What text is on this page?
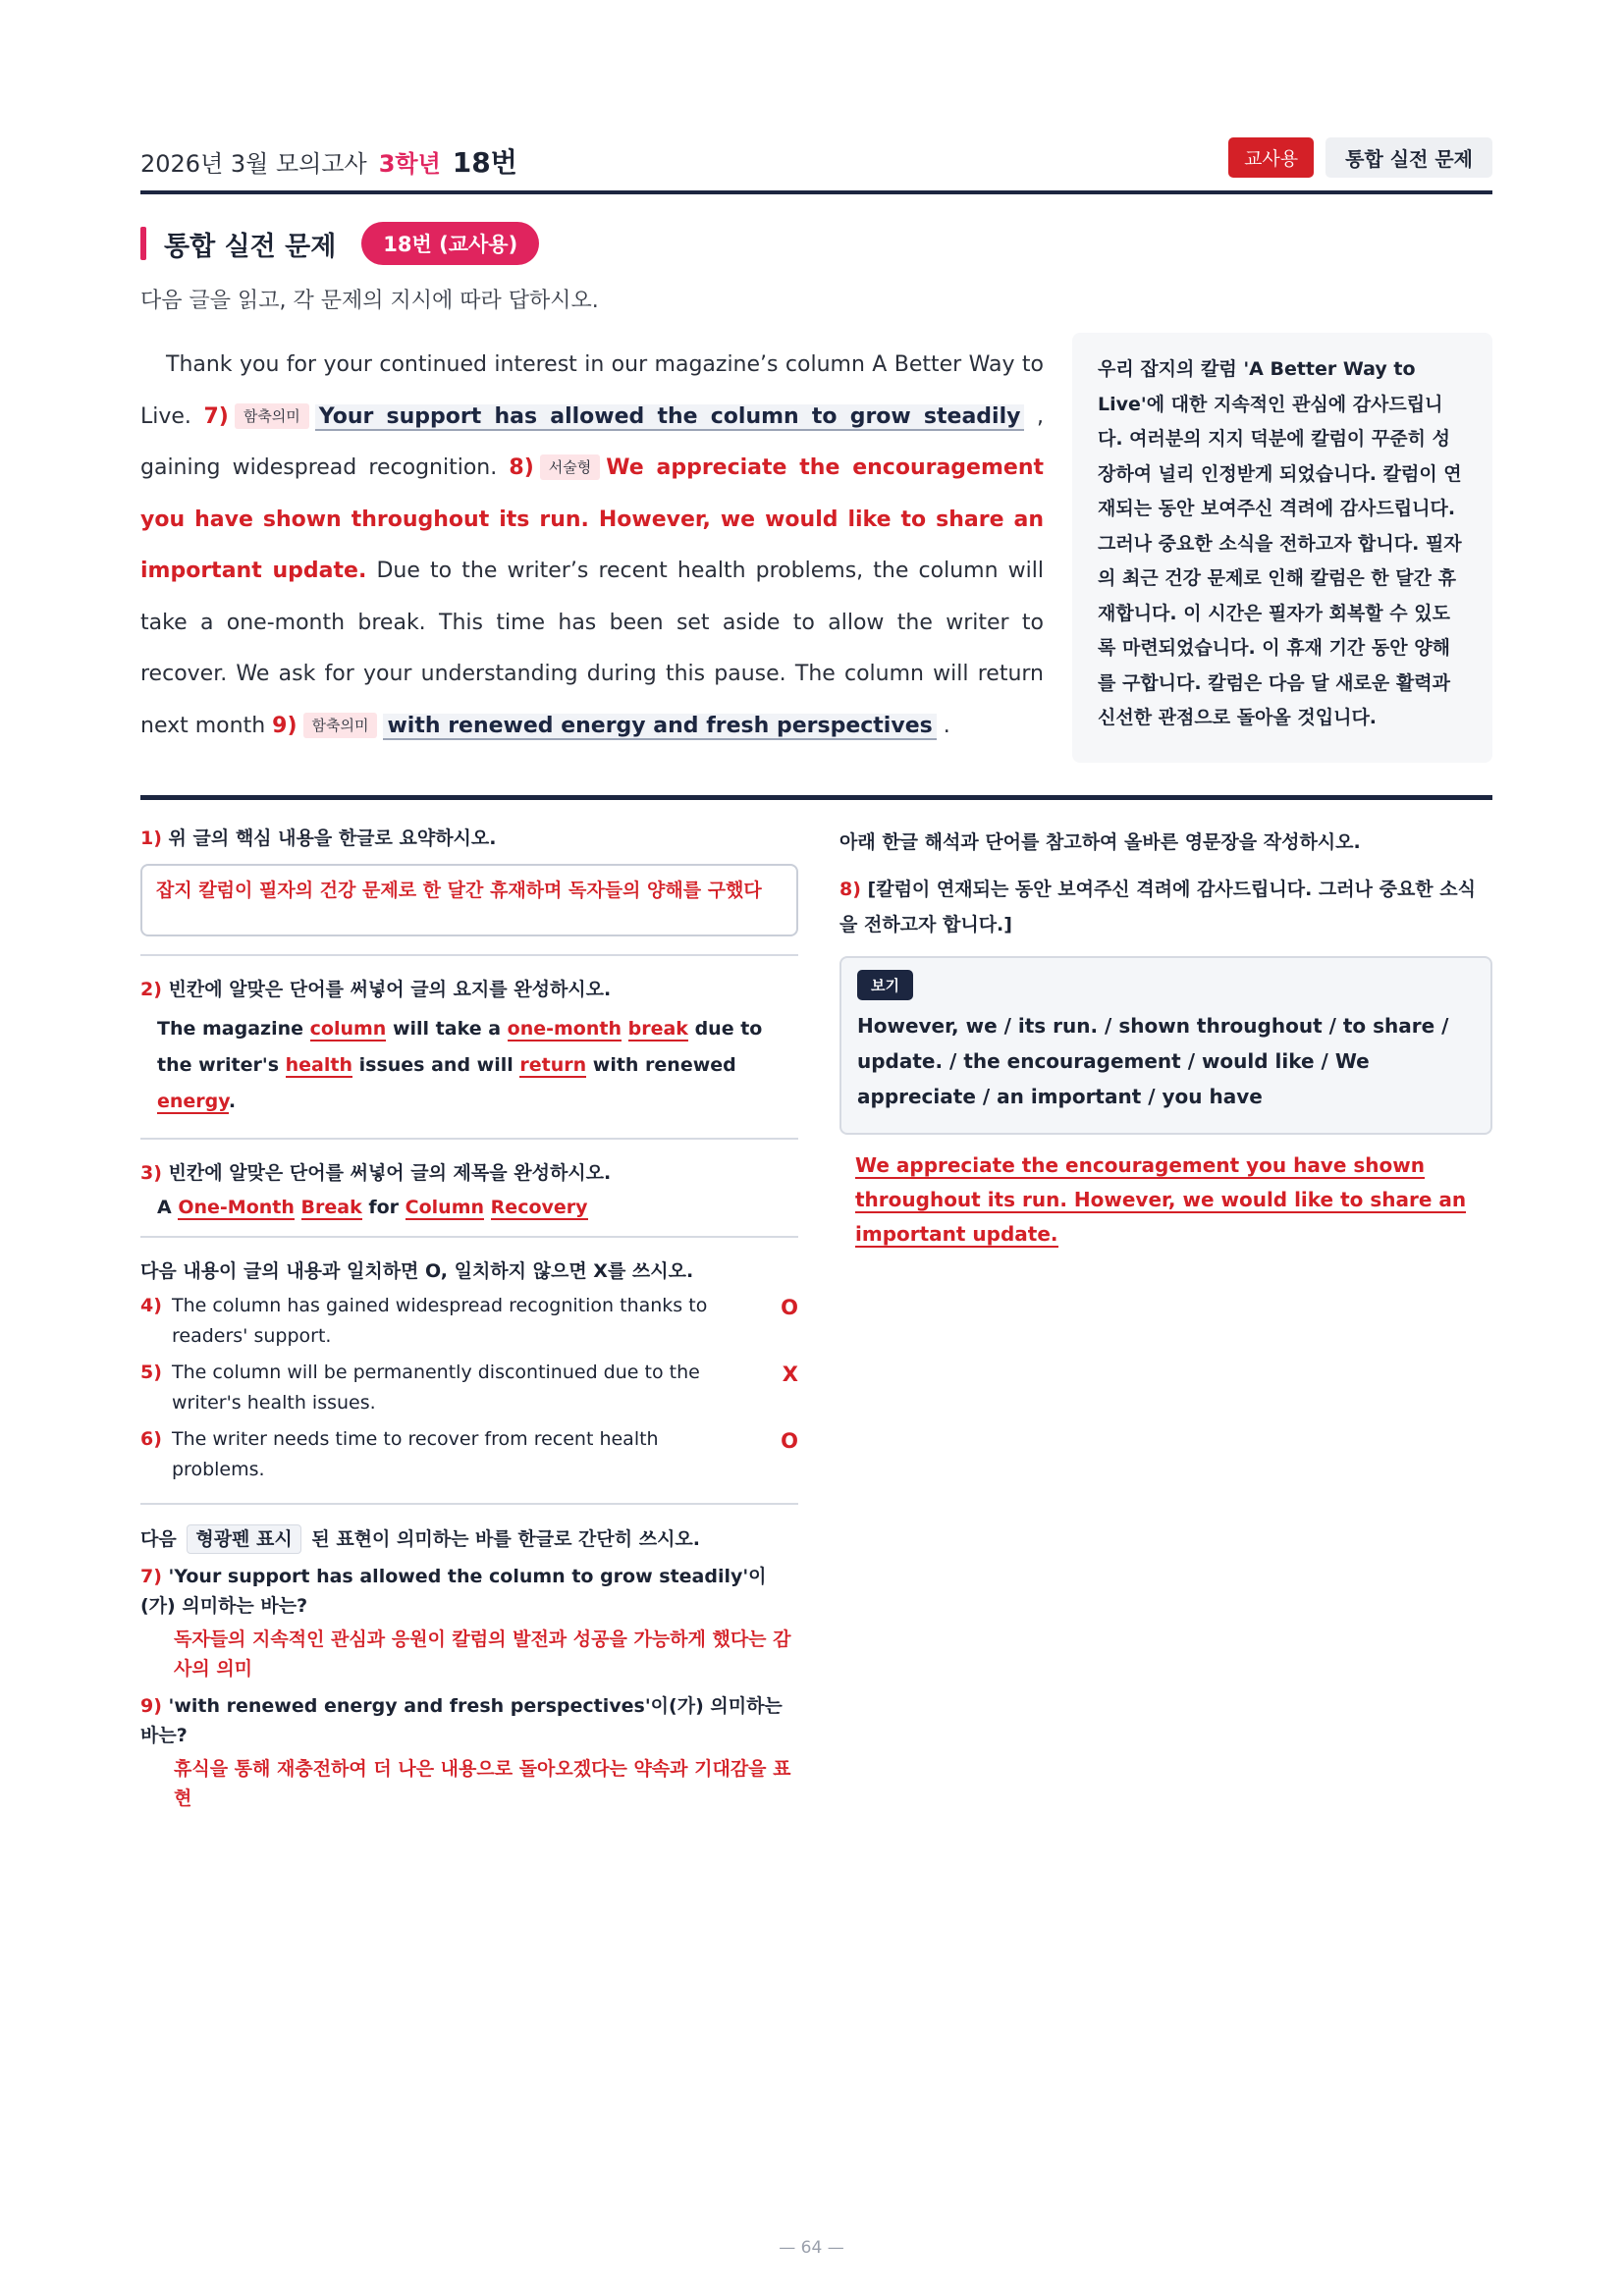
2026년 3월 모의고사 3학년 18번	교사용	통합 실전 문제
통합 실전 문제	18번 (교사용)
다음 글을 읽고, 각 문제의 지시에 따라 답하시오.
Thank you for your continued interest in our magazine’s column A Better Way to Live. 7) 함축의미 Your support has allowed the column to grow steadily , gaining widespread recognition. 8) 서술형 We appreciate the encouragement you have shown throughout its run. However, we would like to share an important update. Due to the writer’s recent health problems, the column will take a one-month break. This time has been set aside to allow the writer to recover. We ask for your understanding during this pause. The column will return next month 9) 함축의미 with renewed energy and fresh perspectives .
우리 잡지의 칼럼 'A Better Way to Live'에 대한 지속적인 관심에 감사드립니다. 여러분의 지지 덕분에 칼럼이 꾸준히 성장하여 널리 인정받게 되었습니다. 칼럼이 연재되는 동안 보여주신 격려에 감사드립니다. 그러나 중요한 소식을 전하고자 합니다. 필자의 최근 건강 문제로 인해 칼럼은 한 달간 휴재합니다. 이 시간은 필자가 회복할 수 있도록 마련되었습니다. 이 휴재 기간 동안 양해를 구합니다. 칼럼은 다음 달 새로운 활력과 신선한 관점으로 돌아올 것입니다.
1) 위 글의 핵심 내용을 한글로 요약하시오.
잡지 칼럼이 필자의 건강 문제로 한 달간 휴재하며 독자들의 양해를 구했다
2) 빈칸에 알맞은 단어를 써넣어 글의 요지를 완성하시오.
The magazine column will take a one-month break due to the writer's health issues and will return with renewed energy.
3) 빈칸에 알맞은 단어를 써넣어 글의 제목을 완성하시오.
A One-Month Break for Column Recovery
다음 내용이 글의 내용과 일치하면 O, 일치하지 않으면 X를 쓰시오.
4) The column has gained widespread recognition thanks to readers' support.
O
5) The column will be permanently discontinued due to the writer's health issues.
X
6) The writer needs time to recover from recent health problems.
O
다음 형광펜 표시 된 표현이 의미하는 바를 한글로 간단히 쓰시오.
7) 'Your support has allowed the column to grow steadily'이(가) 의미하는 바는?
독자들의 지속적인 관심과 응원이 칼럼의 발전과 성공을 가능하게 했다는 감사의 의미
9) 'with renewed energy and fresh perspectives'이(가) 의미하는 바는?
휴식을 통해 재충전하여 더 나은 내용으로 돌아오겠다는 약속과 기대감을 표현
아래 한글 해석과 단어를 참고하여 올바른 영문장을 작성하시오.
8) [칼럼이 연재되는 동안 보여주신 격려에 감사드립니다. 그러나 중요한 소식을 전하고자 합니다.]
보기
However, we / its run. / shown throughout / to share / update. / the encouragement / would like / We appreciate / an important / you have
We appreciate the encouragement you have shown throughout its run. However, we would like to share an important update.
— 64 —
